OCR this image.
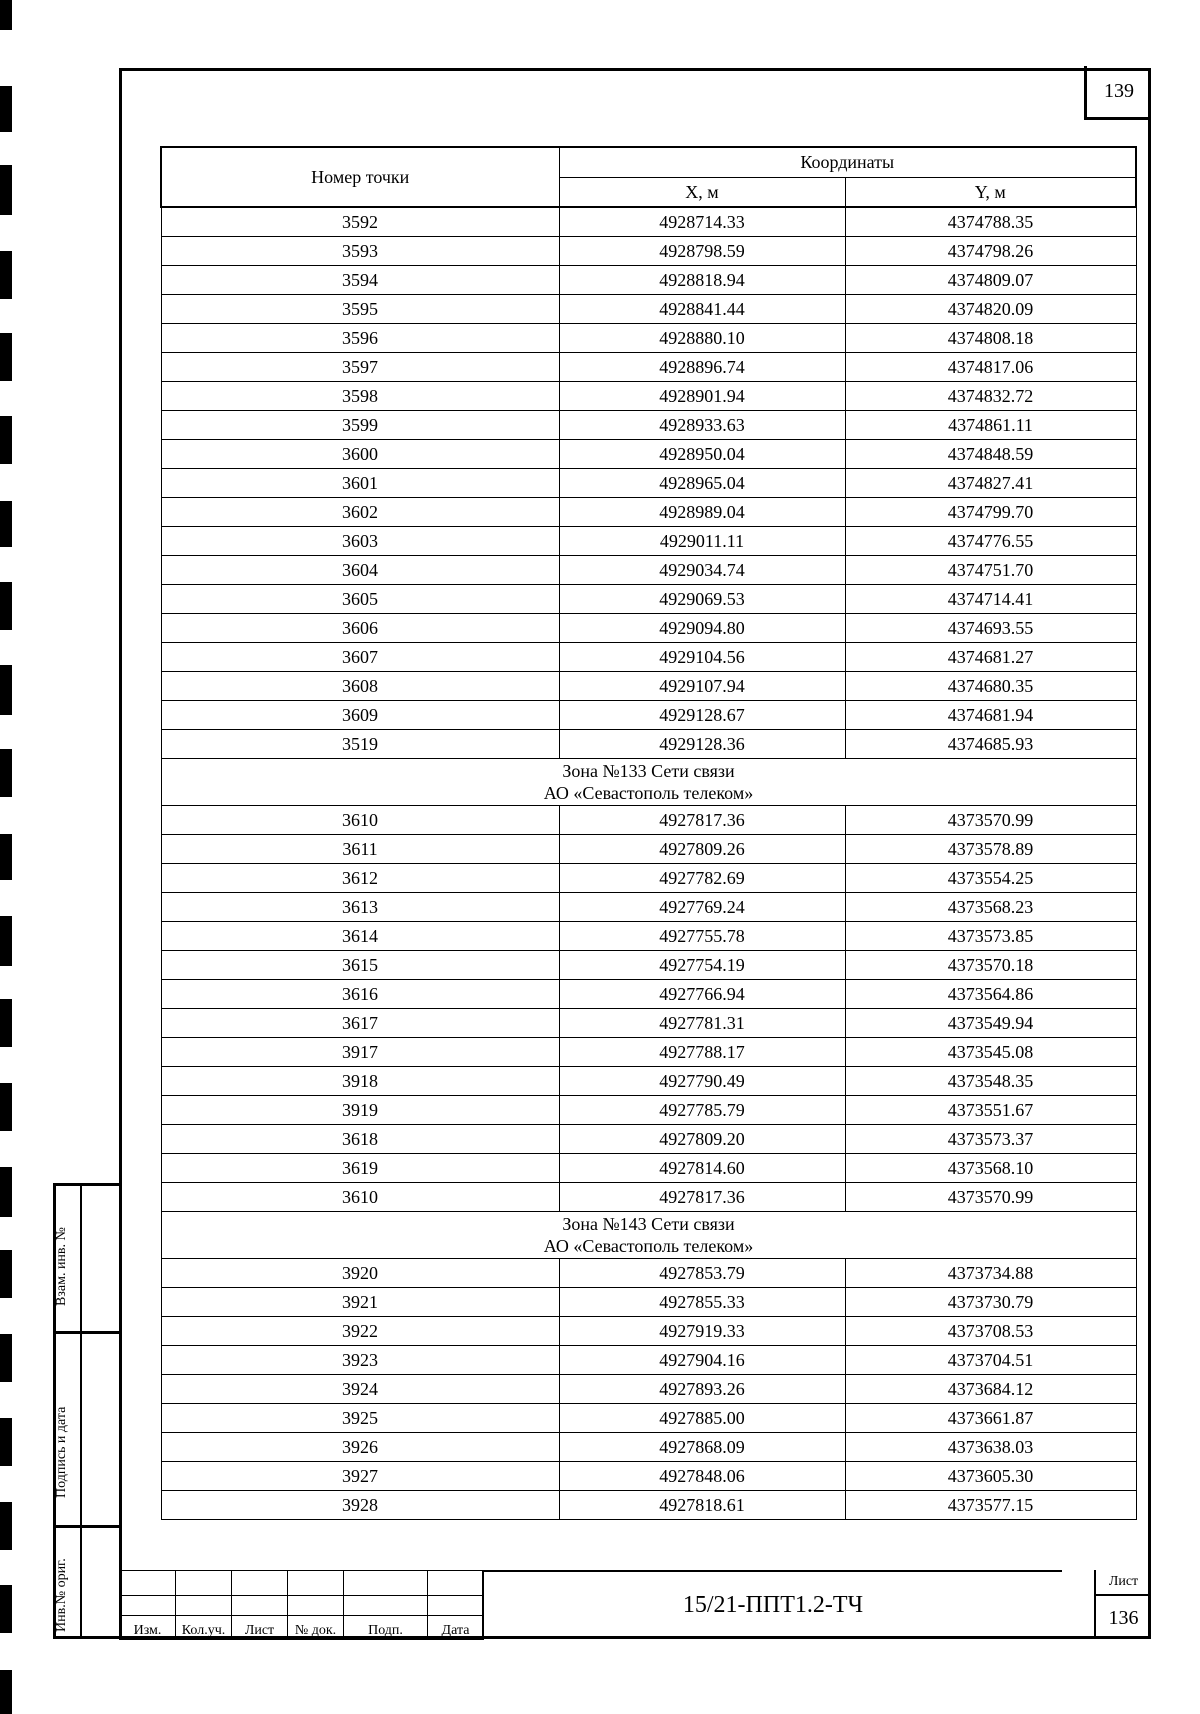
139
Номер точки	Координаты	
	X, м	Y, м
3592	4928714.33	4374788.35
3593	4928798.59	4374798.26
3594	4928818.94	4374809.07
3595	4928841.44	4374820.09
3596	4928880.10	4374808.18
3597	4928896.74	4374817.06
3598	4928901.94	4374832.72
3599	4928933.63	4374861.11
3600	4928950.04	4374848.59
3601	4928965.04	4374827.41
3602	4928989.04	4374799.70
3603	4929011.11	4374776.55
3604	4929034.74	4374751.70
3605	4929069.53	4374714.41
3606	4929094.80	4374693.55
3607	4929104.56	4374681.27
3608	4929107.94	4374680.35
3609	4929128.67	4374681.94
3519	4929128.36	4374685.93

Зона №133 Сети связи
АО «Севастополь телеком»		

3610	4927817.36	4373570.99
3611	4927809.26	4373578.89
3612	4927782.69	4373554.25
3613	4927769.24	4373568.23
3614	4927755.78	4373573.85
3615	4927754.19	4373570.18
3616	4927766.94	4373564.86
3617	4927781.31	4373549.94
3917	4927788.17	4373545.08
3918	4927790.49	4373548.35
3919	4927785.79	4373551.67
3618	4927809.20	4373573.37
3619	4927814.60	4373568.10
3610	4927817.36	4373570.99

Зона №143 Сети связи
АО «Севастополь телеком»		

3920	4927853.79	4373734.88
3921	4927855.33	4373730.79
3922	4927919.33	4373708.53
3923	4927904.16	4373704.51
3924	4927893.26	4373684.12
3925	4927885.00	4373661.87
3926	4927868.09	4373638.03
3927	4927848.06	4373605.30
3928	4927818.61	4373577.15
Взам. инв. №
Подпись и дата
Инв.№ ориг.

						Изм.	Кол.уч.	Лист	№ док.	Подп.	Дата
15/21-ППТ1.2-ТЧ
Лист
136
